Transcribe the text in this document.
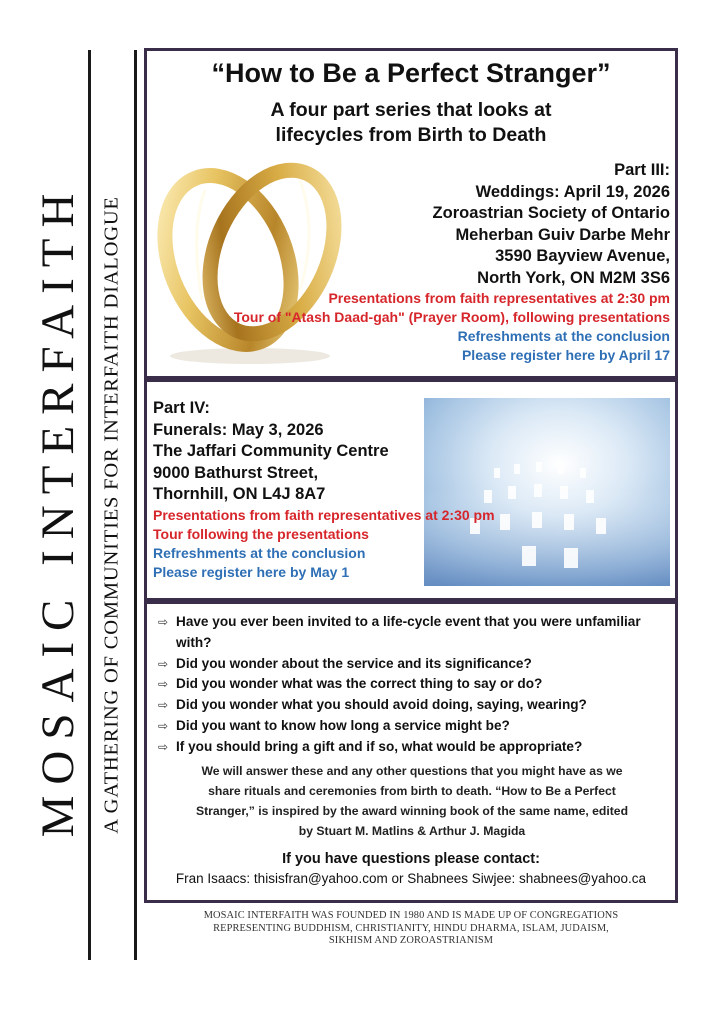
MOSAIC INTERFAITH A GATHERING OF COMMUNITIES FOR INTERFAITH DIALOGUE
“How to Be a Perfect Stranger”
A four part series that looks at
lifecycles from Birth to Death
Part III:
Weddings: April 19, 2026
Zoroastrian Society of Ontario
Meherban Guiv Darbe Mehr
3590 Bayview Avenue,
North York, ON M2M 3S6
Presentations from faith representatives at 2:30 pm
Tour of "Atash Daad-gah" (Prayer Room), following presentations
Refreshments at the conclusion
Please register here by April 17
Part IV:
Funerals: May 3, 2026
The Jaffari Community Centre
9000 Bathurst Street,
Thornhill, ON L4J 8A7
Presentations from faith representatives at 2:30 pm
Tour following the presentations
Refreshments at the conclusion
Please register here by May 1
⇨ Have you ever been invited to a life-cycle event that you were unfamiliar with?
⇨ Did you wonder about the service and its significance?
⇨ Did you wonder what was the correct thing to say or do?
⇨ Did you wonder what you should avoid doing, saying, wearing?
⇨ Did you want to know how long a service might be?
⇨ If you should bring a gift and if so, what would be appropriate?
We will answer these and any other questions that you might have as we
share rituals and ceremonies from birth to death. “How to Be a Perfect
Stranger,” is inspired by the award winning book of the same name, edited
by Stuart M. Matlins & Arthur J. Magida
If you have questions please contact:
Fran Isaacs: thisisfran@yahoo.com or Shabnees Siwjee: shabnees@yahoo.ca
MOSAIC INTERFAITH WAS FOUNDED IN 1980 AND IS MADE UP OF CONGREGATIONS
REPRESENTING BUDDHISM, CHRISTIANITY, HINDU DHARMA, ISLAM, JUDAISM,
SIKHISM AND ZOROASTRIANISM
